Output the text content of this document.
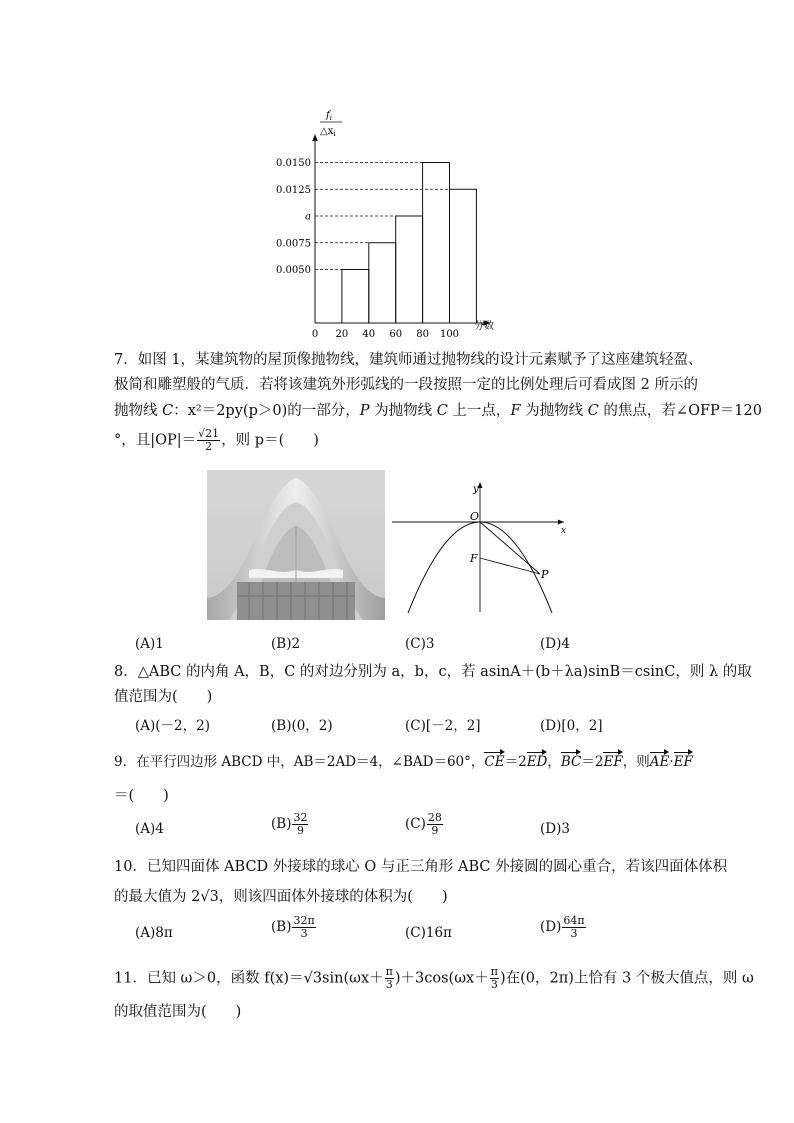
0.0050
0.0075
a
0.0125
0.0150
0 20 40 60 80 100
$f_i$
$\triangle x_i$
分数
7．如图 1，某建筑物的屋顶像抛物线，建筑师通过抛物线的设计元素赋予了这座建筑轻盈、
极简和雕塑般的气质．若将该建筑外形弧线的一段按照一定的比例处理后可看成图 2 所示的
抛物线 C：x²＝2py(p＞0)的一部分，P 为抛物线 C 上一点，F 为抛物线 C 的焦点，若∠OFP＝120
°，且$|OP|= \frac{√21}{2}$ ，则 p＝(　　)
y
x
O
F
P
(A)1	(B)2	(C)3	(D)4
8．△ABC 的内角 A，B，C 的对边分别为 a，b，c，若 asinA＋(b＋λa)sinB＝csinC，则 λ 的取
值范围为(　　)
(A)(－2，2)	(B)(0，2)	(C)[－2，2]	(D)[0，2]
9．在平行四边形 ABCD 中，AB＝2AD＝4，∠BAD＝60°，CE＝2ED，BC＝2EF，则AE·EF
＝(　　)
(A)4	$(B) \frac{32}{9}$	$(C) \frac{28}{9}$	(D)3
10．已知四面体 ABCD 外接球的球心 O 与正三角形 ABC 外接圆的圆心重合，若该四面体体积
的最大值为 2√3，则该四面体外接球的体积为(　　)
(A)8π	$(B) \frac{32\pi}{3}$	(C)16π	$(D) \frac{64\pi}{3}$
11．已知 ω＞0，函数 $f(x)=√3\sin(\omega x+ \frac{\pi}{3} )+3\cos(\omega x+ \frac{\pi}{3}$ )在(0，2π)上恰有 3 个极大值点，则 ω
的取值范围为(　　)
